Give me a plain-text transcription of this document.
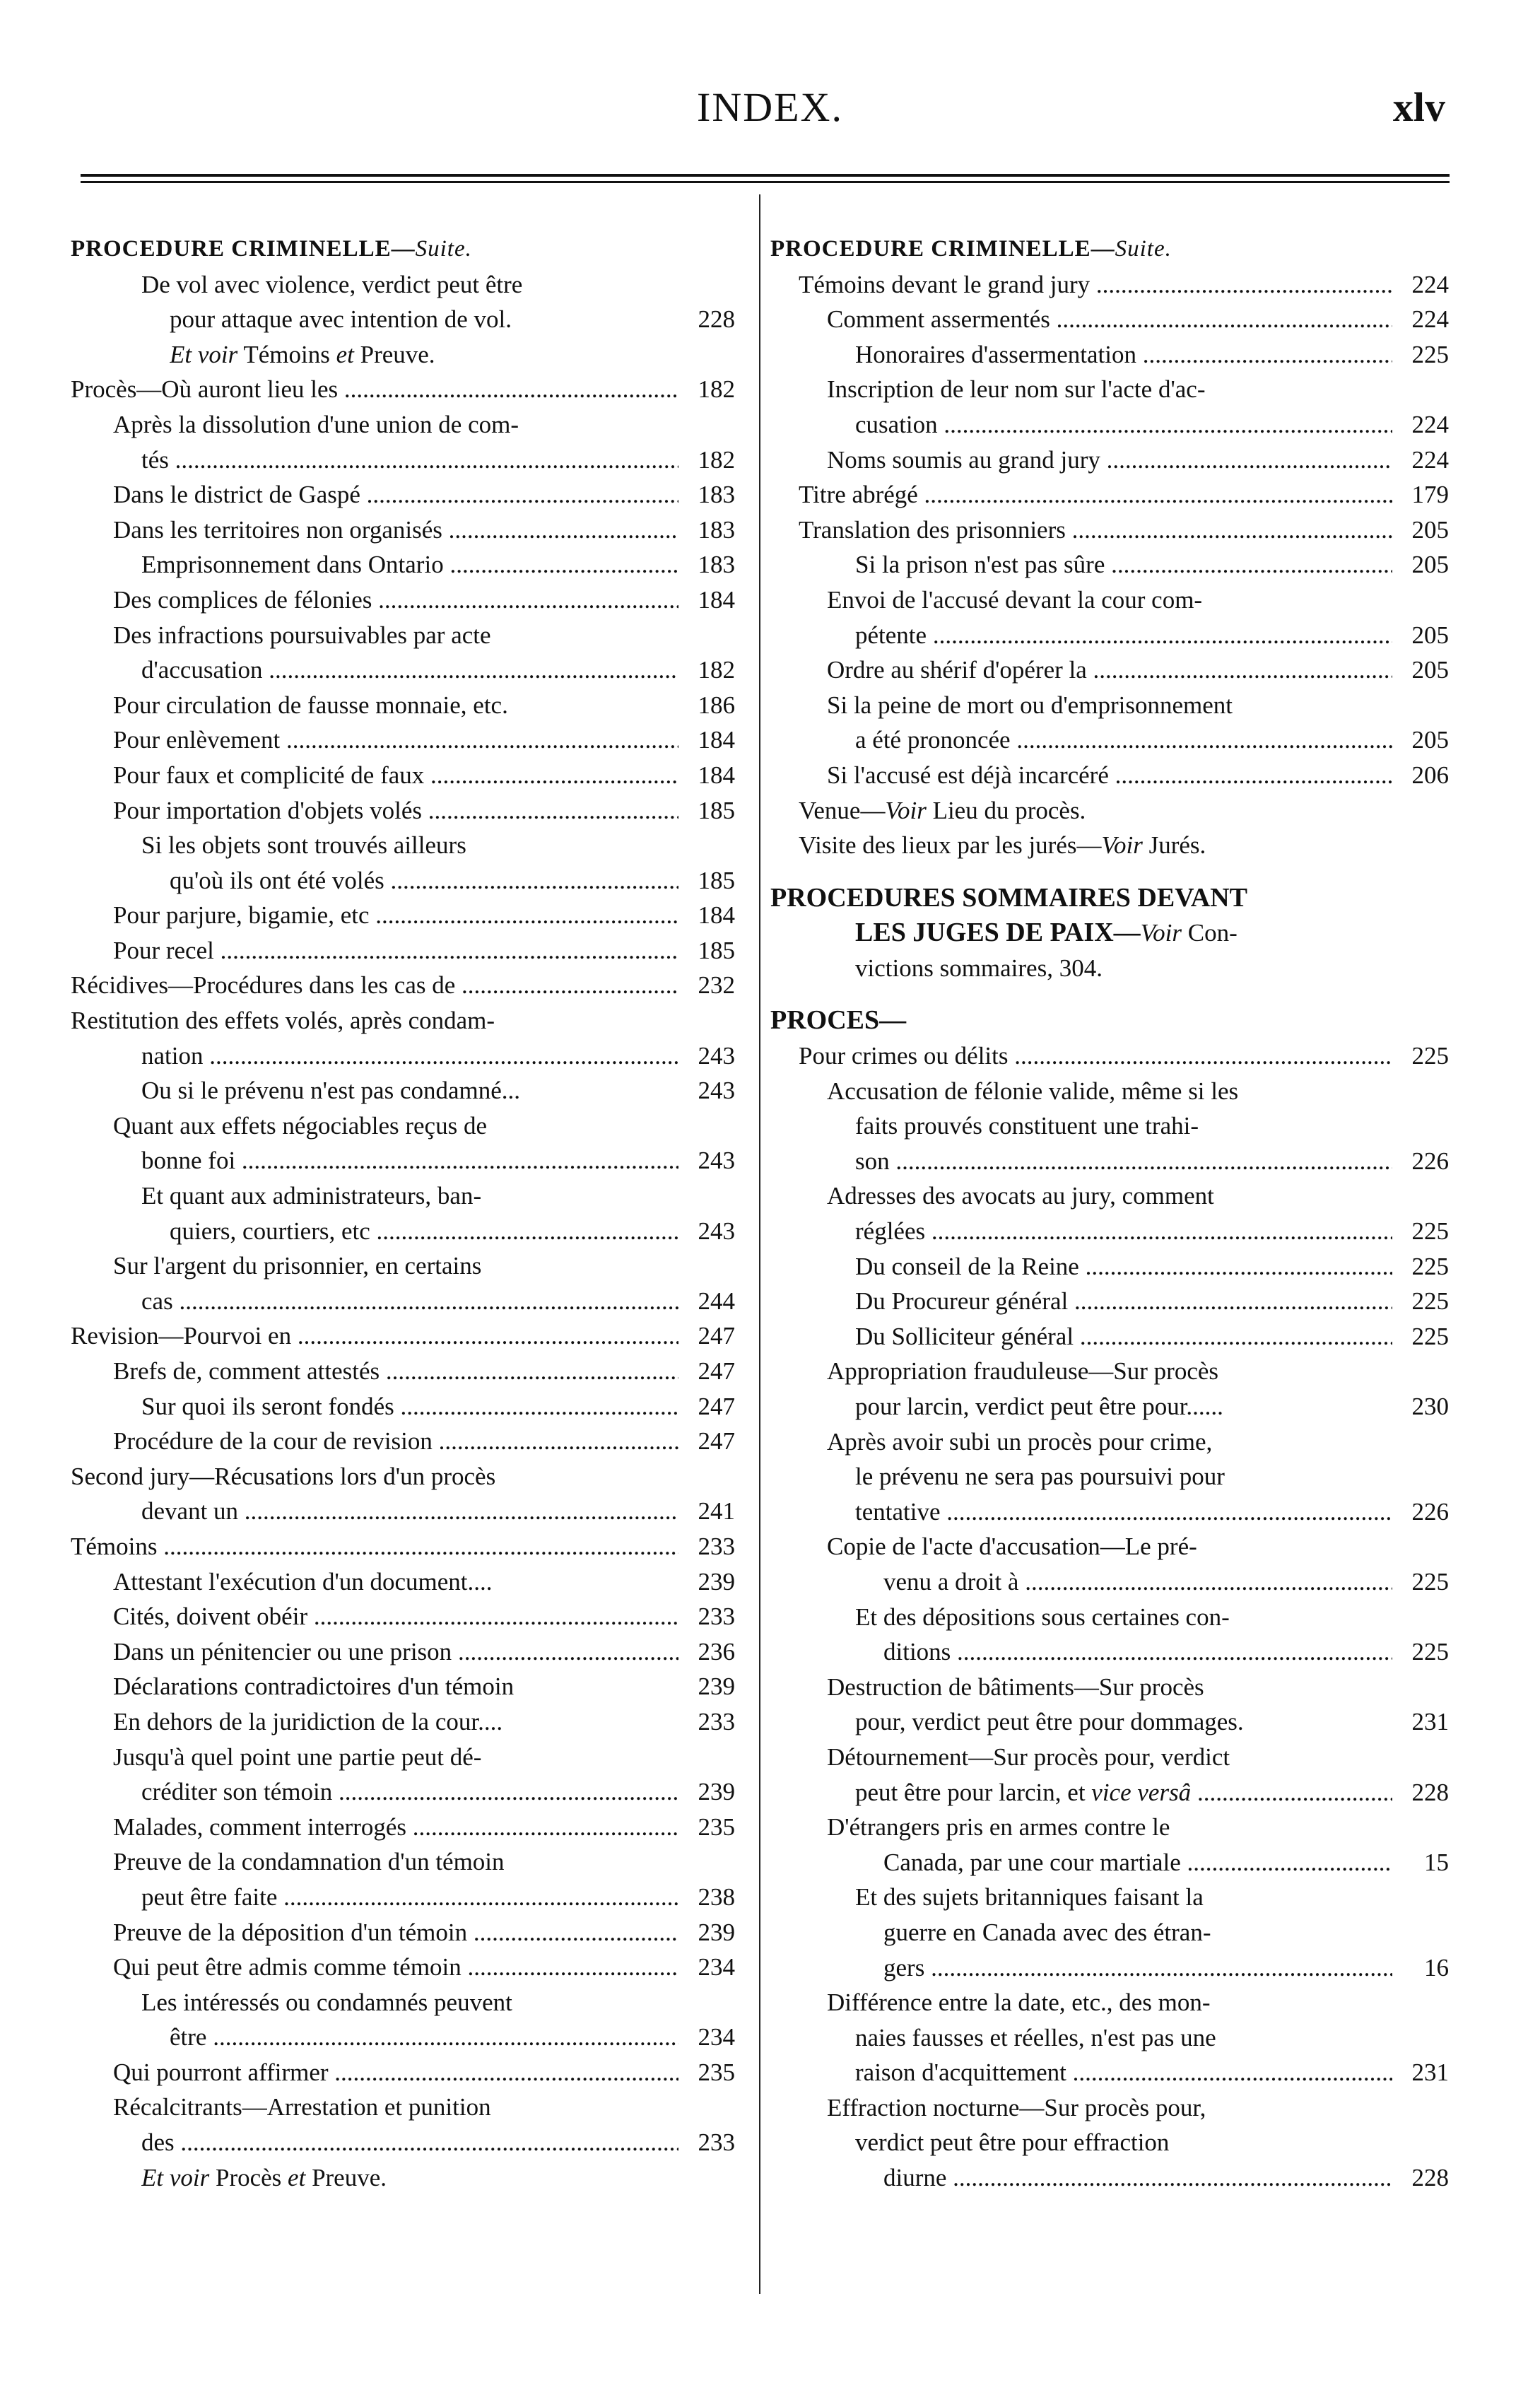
INDEX.	xlv
PROCEDURE CRIMINELLE—Suite.
De vol avec violence, verdict peut être
pour attaque avec intention de vol.	228
Et voir Témoins et Preuve.
Procès—Où auront lieu les .....	182
Après la dissolution d'une union de com-
tés .....	182
Dans le district de Gaspé .....	183
Dans les territoires non organisés .....	183
Emprisonnement dans Ontario .....	183
Des complices de félonies .....	184
Des infractions poursuivables par acte
d'accusation .....	182
Pour circulation de fausse monnaie, etc.	186
Pour enlèvement .....	184
Pour faux et complicité de faux .....	184
Pour importation d'objets volés .....	185
Si les objets sont trouvés ailleurs
qu'où ils ont été volés .....	185
Pour parjure, bigamie, etc .....	184
Pour recel .....	185
Récidives—Procédures dans les cas de .....	232
Restitution des effets volés, après condam-
nation .....	243
Ou si le prévenu n'est pas condamné...	243
Quant aux effets négociables reçus de
bonne foi .....	243
Et quant aux administrateurs, ban-
quiers, courtiers, etc .....	243
Sur l'argent du prisonnier, en certains
cas .....	244
Revision—Pourvoi en .....	247
Brefs de, comment attestés .....	247
Sur quoi ils seront fondés .....	247
Procédure de la cour de revision .....	247
Second jury—Récusations lors d'un procès
devant un .....	241
Témoins .....	233
Attestant l'exécution d'un document....	239
Cités, doivent obéir .....	233
Dans un pénitencier ou une prison .....	236
Déclarations contradictoires d'un témoin	239
En dehors de la juridiction de la cour....	233
Jusqu'à quel point une partie peut dé-
créditer son témoin .....	239
Malades, comment interrogés .....	235
Preuve de la condamnation d'un témoin
peut être faite .....	238
Preuve de la déposition d'un témoin .....	239
Qui peut être admis comme témoin .....	234
Les intéressés ou condamnés peuvent
être .....	234
Qui pourront affirmer .....	235
Récalcitrants—Arrestation et punition
des .....	233
Et voir Procès et Preuve.
PROCEDURE CRIMINELLE—Suite.
Témoins devant le grand jury .....	224
Comment assermentés .....	224
Honoraires d'assermentation .....	225
Inscription de leur nom sur l'acte d'ac-
cusation .....	224
Noms soumis au grand jury .....	224
Titre abrégé .....	179
Translation des prisonniers .....	205
Si la prison n'est pas sûre .....	205
Envoi de l'accusé devant la cour com-
pétente .....	205
Ordre au shérif d'opérer la .....	205
Si la peine de mort ou d'emprisonnement
a été prononcée .....	205
Si l'accusé est déjà incarcéré .....	206
Venue—Voir Lieu du procès.
Visite des lieux par les jurés—Voir Jurés.
PROCEDURES SOMMAIRES DEVANT
LES JUGES DE PAIX—Voir Con-
victions sommaires, 304.
PROCES—
Pour crimes ou délits .....	225
Accusation de félonie valide, même si les
faits prouvés constituent une trahi-
son .....	226
Adresses des avocats au jury, comment
réglées .....	225
Du conseil de la Reine .....	225
Du Procureur général .....	225
Du Solliciteur général .....	225
Appropriation frauduleuse—Sur procès
pour larcin, verdict peut être pour......	230
Après avoir subi un procès pour crime,
le prévenu ne sera pas poursuivi pour
tentative .....	226
Copie de l'acte d'accusation—Le pré-
venu a droit à .....	225
Et des dépositions sous certaines con-
ditions .....	225
Destruction de bâtiments—Sur procès
pour, verdict peut être pour dommages.	231
Détournement—Sur procès pour, verdict
peut être pour larcin, et vice versâ .....	228
D'étrangers pris en armes contre le
Canada, par une cour martiale .....	15
Et des sujets britanniques faisant la
guerre en Canada avec des étran-
gers .....	16
Différence entre la date, etc., des mon-
naies fausses et réelles, n'est pas une
raison d'acquittement .....	231
Effraction nocturne—Sur procès pour,
verdict peut être pour effraction
diurne .....	228
